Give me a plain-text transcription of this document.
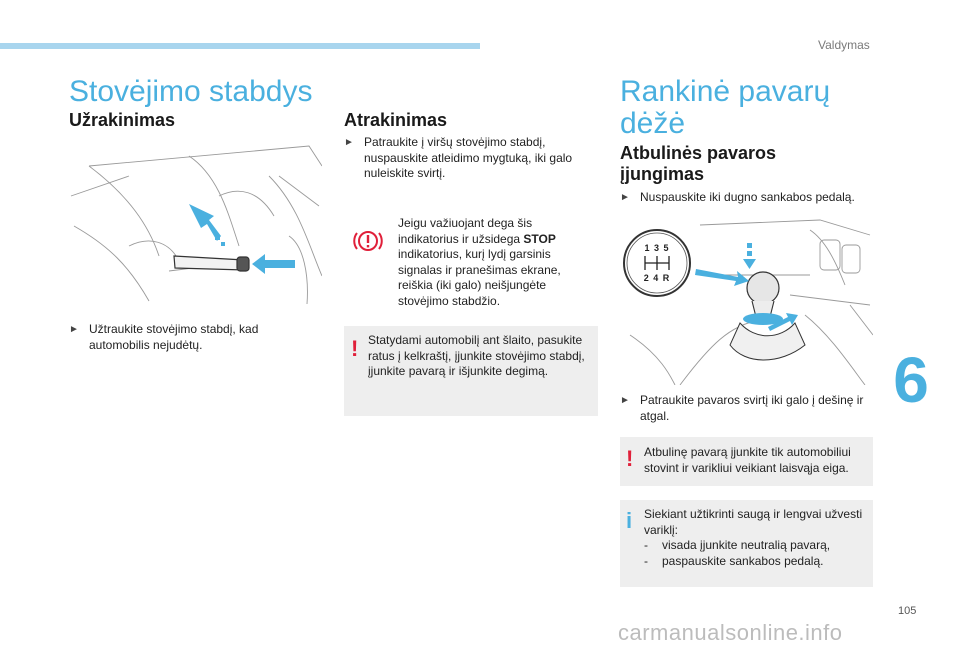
Valdymas
Stovėjimo stabdys
Užrakinimas
► Užtraukite stovėjimo stabdį, kad automobilis nejudėtų.
Atrakinimas
► Patraukite į viršų stovėjimo stabdį, nuspauskite atleidimo mygtuką, iki galo nuleiskite svirtį.
Jeigu važiuojant dega šis indikatorius ir užsidega STOP indikatorius, kurį lydį garsinis signalas ir pranešimas ekrane, reiškia (iki galo) neišjungėte stovėjimo stabdžio.
! Statydami automobilį ant šlaito, pasukite ratus į kelkraštį, įjunkite stovėjimo stabdį, įjunkite pavarą ir išjunkite degimą.
Rankinė pavarų dėžė
Atbulinės pavaros įjungimas
► Nuspauskite iki dugno sankabos pedalą.
1 3 5
2 4 R
► Patraukite pavaros svirtį iki galo į dešinę ir atgal.
! Atbulinę pavarą įjunkite tik automobiliui stovint ir varikliui veikiant laisvąja eiga.
i Siekiant užtikrinti saugą ir lengvai užvesti variklį:
- visada įjunkite neutralią pavarą,
- paspauskite sankabos pedalą.
6
105
carmanualsonline.info
